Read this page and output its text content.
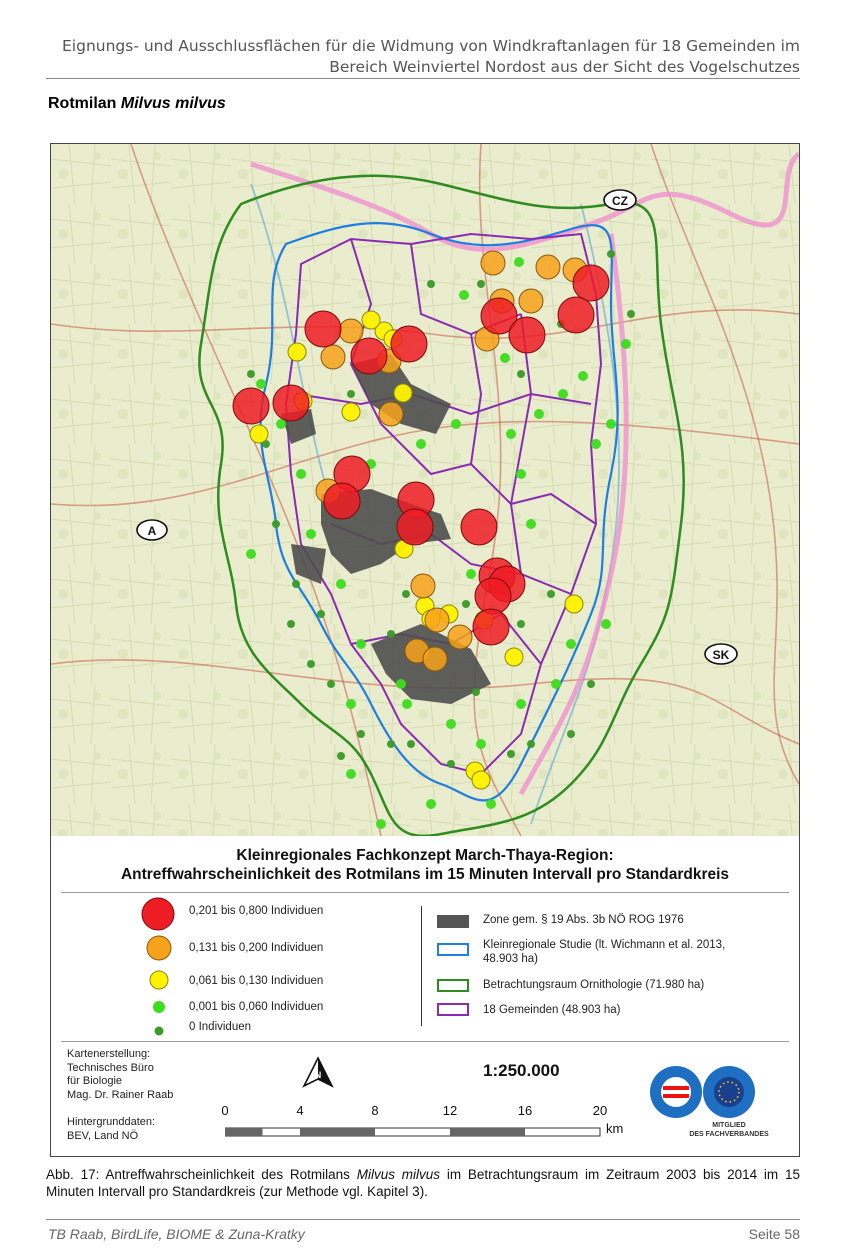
Eignungs- und Ausschlussflächen für die Widmung von Windkraftanlagen für 18 Gemeinden im
Bereich Weinviertel Nordost aus der Sicht des Vogelschutzes
Rotmilan Milvus milvus
CZ
A
SK
Kleinregionales Fachkonzept March-Thaya-Region:
Antreffwahrscheinlichkeit des Rotmilans im 15 Minuten Intervall pro Standardkreis
0,201 bis 0,800 Individuen
0,131 bis 0,200 Individuen
0,061 bis 0,130 Individuen
0,001 bis 0,060 Individuen
0 Individuen
Zone gem. § 19 Abs. 3b NÖ ROG 1976
Kleinregionale Studie (lt. Wichmann et al. 2013, 48.903 ha)
Betrachtungsraum Ornithologie (71.980 ha)
18 Gemeinden (48.903 ha)
Kartenerstellung:
Technisches Büro
für Biologie
Mag. Dr. Rainer Raab
Hintergrunddaten:
BEV, Land NÖ
N	1:250.000
0	4	8	12	16	20
km	MITGLIED
DES FACHVERBANDES
Abb. 17: Antreffwahrscheinlichkeit des Rotmilans Milvus milvus im Betrachtungsraum im Zeitraum 2003 bis 2014 im 15 Minuten Intervall pro Standardkreis (zur Methode vgl. Kapitel 3).
TB Raab, BirdLife, BIOME & Zuna-Kratky	Seite 58
